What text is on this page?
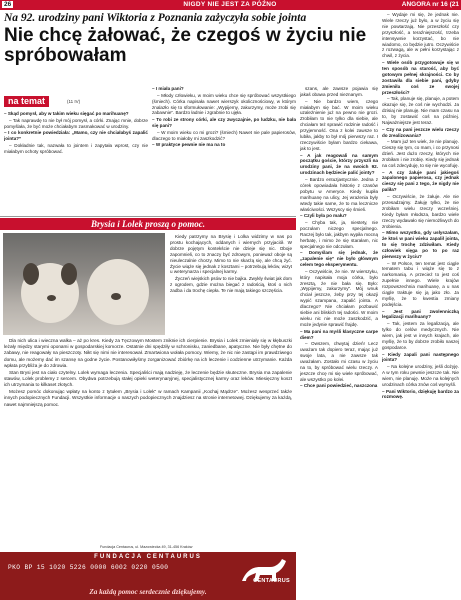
26	NIGDY NIE JEST ZA PÓŹNO	ANGORA nr 16 (21
Na 92. urodziny pani Wiktoria z Poznania zażyczyła sobie jointa
Nie chcę żałować, że czegoś w życiu nie spróbowałam
na temat	(11 IV)

– Skąd pomysł, aby w takim wieku sięgać po marihuanę?

– Tak naprawdę to nie był mój pomysł, a córki. Znając mnie, dobrze pomyślała, że być może chciałabym zasmakować w urodziny.

– I co konkretnie powiedziała: „Mamo, czy nie chciałabyś zapalić jointa?”

– Dokładnie tak, nazwała to jointem i zapytała wprost, czy nie miałabym ochoty spróbować.

– I miała pani?

– Młody człowieku, w moim wieku chce się spróbować wszystkiego (śmiech). Córka napisała nawet wierszyk okolicznościowy, w którym znalazło się to sformułowanie: „Wypijemy, zakurzymy, może zrobi się zabawnie”. Bardzo ładnie i zgrabnie to ujęła.

– To robi ze strony córki, ale czy zwyczajnie, po ludzku, nie bała się pani?

– W moim wieku co mi grozi? (śmiech) Nawet nie pale papierosów, dlaczego to miałoby mi zaszkodzić?

– W praktyce pewnie nie ma na to

Brysia i Lolek proszą o pomoc.

Kiedy patrzymy na Brysię i Lolka widzimy w nas po prostu kochających, oddanych i wiernych przyjaciół. W dobrze pojętym kontekście nie dzieje się nic. Oboje zapomnieli, co to znaczy być zdrowym, ponieważ oboje są nieuleczalnie chorzy. Mimo to nie skarżą się, ale chcą żyć. Życie wiąże się jednak z kosztami – potrzebują leków, wizyt u weterynarza i specjalnej karmy.

Życzeń wiejskich psów to nie bajka. Zwykły świat jak dom z ogrodem, gdzie można biegać z radością, ktoś o nich zadba i da trochę ciepła. Te nie mają takiego szczęścia.

Dla nich ulica i wieczna walka – aż po kres. Kiedy za Tęczowym Mostem zniknie ich cierpienie. Brysia i Lolek zmieniały się w kłębuszki leżały między starymi oponami w gospodarskiej komorze. Ostatnie dni spędziły w schronisku, zaniedbane, apatyczne. Nie były chętne do zabawy, nie reagowały na pieszczoty. Nikt się nimi nie interesował. Zmartwiona wołała pomocy. Wiemy, że nic nie zastąpi im prawdziwego domu, ale możemy dać im szansę na godne życie. Postanowiłyśmy zorganizować zbiórkę na ich leczenie i codzienne utrzymanie. Każda wpłata przybliża je do zdrowia.

Stan Brysi jest na ciało czytelny. Lolek wymaga leczenia. Specjaliści mają nadzieję, że leczenie będzie skuteczne. Brysia ma zapalenie stawów, Lolek problemy z sercem. Obydwa potrzebują stałej opieki weterynaryjnej, specjalistycznej karmy oraz leków. Miesięczny koszt ich utrzymania to kilkaset złotych.

Możesz pomóc dokonując wpłaty na konto z tytułem „Brysia i Lolek” w ramach Kampanii „Kochaj Mądrze”. Możesz wesprzeć także innych podopiecznych Fundacji. Wszystkie informacje o naszych podopiecznych znajdziesz na stronie internetowej. Dziękujemy za każdą, nawet najmniejszą pomoc.

Fundacja Centaurus, ul. Mazowiecka 49, 31-456 Kraków
FUNDACJA CENTAURUS
PKO BP 15 1020 5226 0000 6002 0220 0500
Za każdą pomoc serdecznie dziękujemy.
CENTAURUS

szans, ale zawsze pojawia się jakaś obawa przed nieznanym.

– Nie bardzo wiem, czego miałabym się bać. W moim wieku uzależnienie już na pewno nie grozi. Zrobiłam to nie tylko dla siebie, ale chciałam też sprawić rodzinie radość i przyjemność. Ona z kolei zawsze to lubiła, jakby to był mój pierwszy raz. I rzeczywiście byłam bardzo ciekawa, jak to jest.

– A jak reagowali na samym początku goście, którzy przyszli na urodziny pani, że na swoich 92. urodzinach będziecie palić jointy?

– Bardzo entuzjastycznie. Jedna z córek opowiadała historię z czasów pobytu w Ameryce. Kiedy kupiła marihuanę na ulicy, Jej wrażenia były wtedy takie same, że to ma lecznicze właściwości. Wszyscy się śmieli.

– Czyli była po mału?

– Chyba tak, ja, niestety, nie poczułam niczego specjalnego. Raczej było tak, jakbym wypiła mocną herbatę, i mimo że się starałam, nic specjalnego nie odczułam.

– Domyślam się jednak, że „zapalenie się” nie było głównym celem tego eksperymentu.

– Oczywiście, że nie. W wierszyku, który napisała moja córka, było zresztą, że nie bała się. Było: „Wypijemy, zakurzymy”. Mój wnuk chciał jeszcze, żeby przy tej okazji wypić szampana, zapalić jointa. A dlaczego? Nie chciałam pozbawić siebie ani bliskich tej radości. W moim wieku nic nie może zaszkodzić, a może jedynie sprawić frajdę.

– Ma pani na myśli klasyczne carpe diem?

– Owszem, chwytaj dzień! Lecz uważam tak dopiero teraz, mając już swoje lata, a nie zawsze tak uważałam. Zostało mi czasu w życiu na to, by spróbować wielu rzeczy. A jeszcze chcę mi się wiele spróbować, ale wszystko po kolei.

– Chce pani powiedzieć, naszczona

– Wydaje mi się, że jednak nie. Wiele rzeczy już było, a w życiu się nie powtarzają. Nie przeszłość czy przyszłość, a teraźniejszość, trzeba intensywnie korzystać, bo nie wiadomo, co będzie jutro. Oczywiście z rozwagą, ale w pełni korzystając z chwil, z życia.

– Wiele osób przygotowuje się w ten sposób na starość, aby być gotowym pełnej skrajności. Co by zostawiła dla siebie pani, gdyby zmieniła coś ze swojej przeszłości?

– Tak, planuje się, planuje, a potem okazuje się, że coś nie wychodzi. Ja dzisiaj nie planuję. Nie mam czasu na to, by zostawić coś na później. Najważniejsze jest teraz.

– Czy na pani jeszcze wielu rzeczy do zrealizowania?

– Mam już ten wiek, że nie planuję. Cieszę się tym, co mam, i co przynosi dzień. Jest dużo rzeczy, których nie zrobiłam i nie zrobię. Kiedy się jednak na coś zdecyduję, to się nie wycofuję.

– A czy żałuje pani jakiegoś zapalonego papierosa, czy jednak cieszy się pani z tego, że nigdy nie paliła?

– Oczywiście, że żałuje. Ale nie przesadzajmy. Żałuję tylko, że nie zrobiłam wielu rzeczy wcześniej. Kiedy byłam młodsza, bardzo wiele rzeczy wydawało się niemożliwych do zrobienia.

– Mimo wszystko, gdy usłyszałam, że ktoś w pani wieku zapalił jointa, to się trochę zdziwiłam. Kiedy człowiek sięga po to po raz pierwszy w życiu?

– W Polsce, ten temat jest ciągle tematem tabu i wiąże się to z narkomanią. A przecież to jest coś zupełnie innego. Wiele krajów rozpowszechnia marihuanę, a u nas ciągle traktuje się ją jako zło. Ja myślę, że to kwestia zmiany podejścia.

– Jest pani zwolenniczką legalizacji marihuany?

– Tak, jestem za legalizacją, ale tylko do celów medycznych. Nie wiem, jak jest w innych krajach, ale myślę, że to by dobrze zrobiło naszej gospodarce.

– Kiedy zapali pani następnego jointa?

– Na kolejne urodziny, jeśli dożyję. A w tym roku pewnie jeszcze tak. Nie wiem, nie planuję. Może na kolejnych urodzinach córka znów coś wymyśli.

– Pani Wiktorio, dziękuję bardzo za rozmowę.
